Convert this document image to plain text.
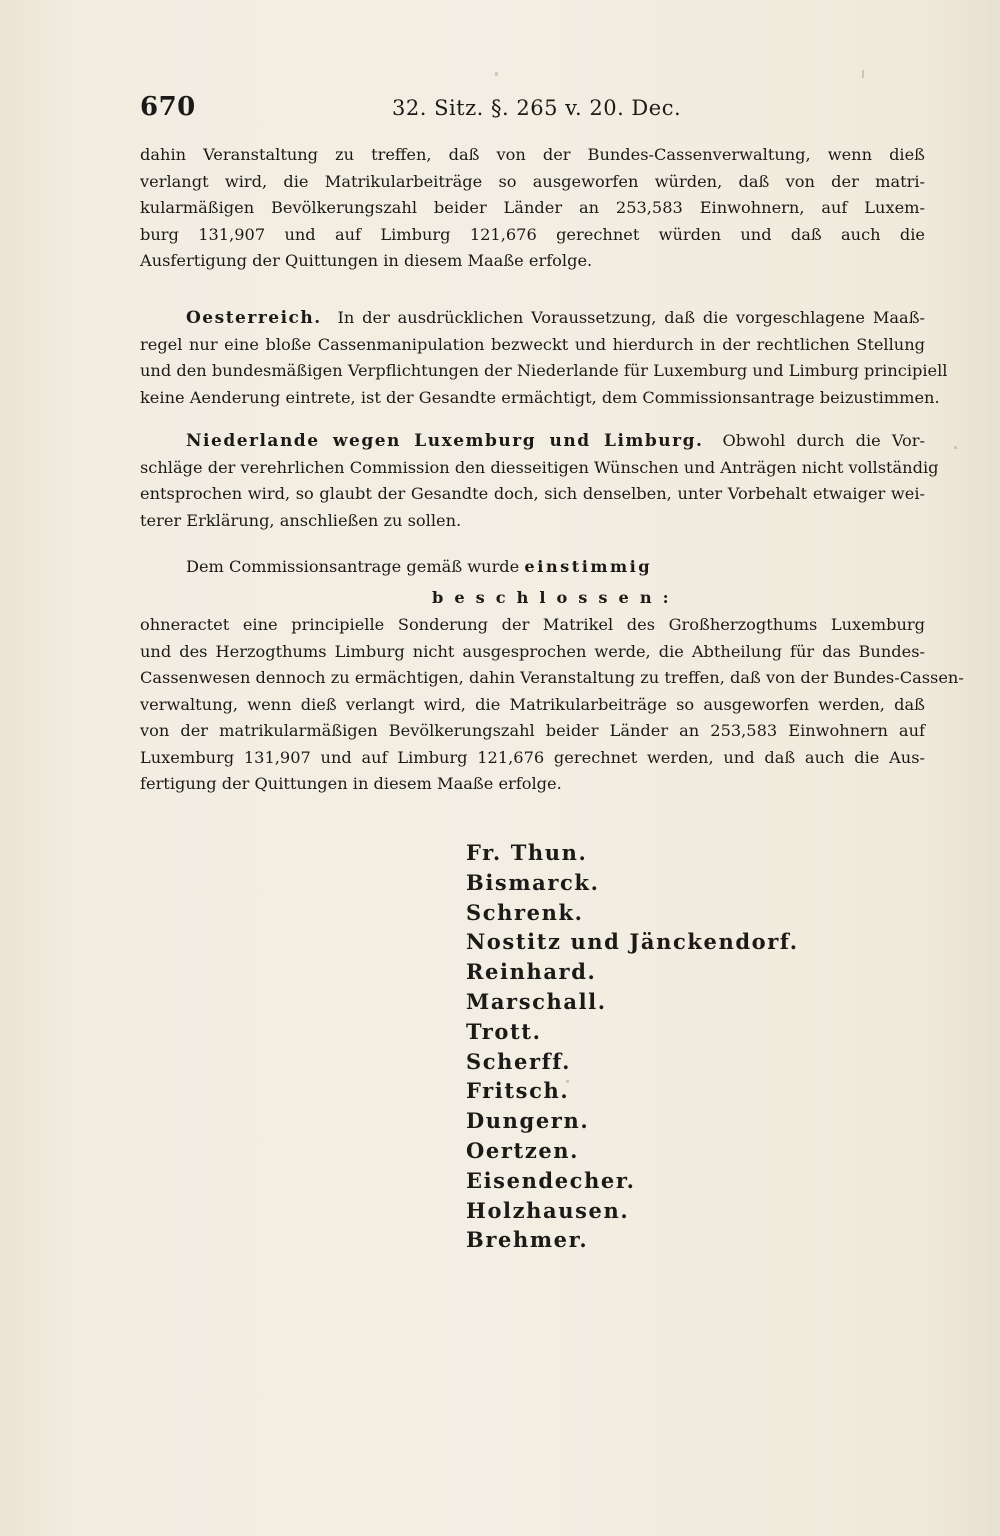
670	32. Sitz. §. 265 v. 20. Dec.
dahin Veranstaltung zu treffen, daß von der Bundes-Cassenverwaltung, wenn dieß
verlangt wird, die Matrikularbeiträge so ausgeworfen würden, daß von der matri-
kularmäßigen Bevölkerungszahl beider Länder an 253,583 Einwohnern, auf Luxem-
burg 131,907 und auf Limburg 121,676 gerechnet würden und daß auch die
Ausfertigung der Quittungen in diesem Maaße erfolge.
Oesterreich. In der ausdrücklichen Voraussetzung, daß die vorgeschlagene Maaß-
regel nur eine bloße Cassenmanipulation bezweckt und hierdurch in der rechtlichen Stellung
und den bundesmäßigen Verpflichtungen der Niederlande für Luxemburg und Limburg principiell
keine Aenderung eintrete, ist der Gesandte ermächtigt, dem Commissionsantrage beizustimmen.
Niederlande wegen Luxemburg und Limburg. Obwohl durch die Vor-
schläge der verehrlichen Commission den diesseitigen Wünschen und Anträgen nicht vollständig
entsprochen wird, so glaubt der Gesandte doch, sich denselben, unter Vorbehalt etwaiger wei-
terer Erklärung, anschließen zu sollen.
Dem Commissionsantrage gemäß wurde einstimmig
beschlossen:
ohneractet eine principielle Sonderung der Matrikel des Großherzogthums Luxemburg
und des Herzogthums Limburg nicht ausgesprochen werde, die Abtheilung für das Bundes-
Cassenwesen dennoch zu ermächtigen, dahin Veranstaltung zu treffen, daß von der Bundes-Cassen-
verwaltung, wenn dieß verlangt wird, die Matrikularbeiträge so ausgeworfen werden, daß
von der matrikularmäßigen Bevölkerungszahl beider Länder an 253,583 Einwohnern auf
Luxemburg 131,907 und auf Limburg 121,676 gerechnet werden, und daß auch die Aus-
fertigung der Quittungen in diesem Maaße erfolge.
Fr. Thun.
Bismarck.
Schrenk.
Nostitz und Jänckendorf.
Reinhard.
Marschall.
Trott.
Scherff.
Fritsch.
Dungern.
Oertzen.
Eisendecher.
Holzhausen.
Brehmer.
